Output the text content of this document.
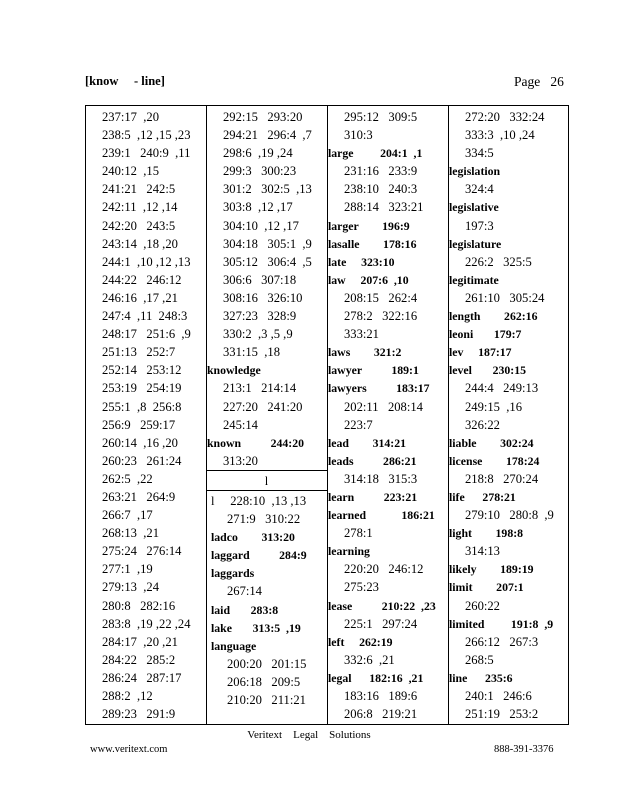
[know     - line]	Page   26
237:17  ,20
238:5  ,12 ,15 ,23
239:1   240:9  ,11
240:12  ,15
241:21   242:5
242:11  ,12 ,14
242:20   243:5
243:14  ,18 ,20
244:1  ,10 ,12 ,13
244:22   246:12
246:16  ,17 ,21
247:4  ,11  248:3
248:17   251:6  ,9
251:13   252:7
252:14   253:12
253:19   254:19
255:1  ,8  256:8
256:9   259:17
260:14  ,16 ,20
260:23   261:24
262:5  ,22
263:21   264:9
266:7  ,17
268:13  ,21
275:24   276:14
277:1  ,19
279:13  ,24
280:8   282:16
283:8  ,19 ,22 ,24
284:17  ,20 ,21
284:22   285:2
286:24   287:17
288:2  ,12
289:23   291:9
292:15   293:20
294:21   296:4  ,7
298:6  ,19 ,24
299:3   300:23
301:2   302:5  ,13
303:8  ,12 ,17
304:10  ,12 ,17
304:18   305:1  ,9
305:12   306:4  ,5
306:6   307:18
308:16   326:10
327:23   328:9
330:2  ,3 ,5 ,9
331:15  ,18
knowledge
213:1   214:14
227:20   241:20
245:14
known          244:20
313:20
295:12   309:5
310:3
large         204:1  ,1
231:16   233:9
238:10   240:3
288:14   323:21
larger        196:9
lasalle        178:16
late     323:10
law     207:6  ,10
208:15   262:4
278:2   322:16
333:21
laws        321:2
lawyer          189:1
lawyers          183:17
202:11   208:14
223:7
lead        314:21
leads          286:21
314:18   315:3
learn          223:21
learned            186:21
278:1
learning
220:20   246:12
275:23
lease          210:22  ,23
225:1   297:24
left     262:19
332:6  ,21
legal      182:16  ,21
183:16   189:6
206:8   219:21
272:20   332:24
333:3  ,10 ,24
334:5
legislation
324:4
legislative
197:3
legislature
226:2   325:5
legitimate
261:10   305:24
length        262:16
leoni       179:7
lev     187:17
level       230:15
244:4   249:13
249:15  ,16
326:22
liable        302:24
license        178:24
218:8   270:24
life      278:21
279:10   280:8  ,9
light        198:8
314:13
likely        189:19
limit        207:1
260:22
limited         191:8  ,9
266:12   267:3
268:5
line      235:6
240:1   246:6
251:19   253:2
l
l     228:10  ,13 ,13
271:9   310:22
ladco        313:20
laggard          284:9
laggards
267:14
laid       283:8
lake       313:5  ,19
language
200:20   201:15
206:18   209:5
210:20   211:21
Veritext    Legal    Solutions
www.veritext.com	888-391-3376
